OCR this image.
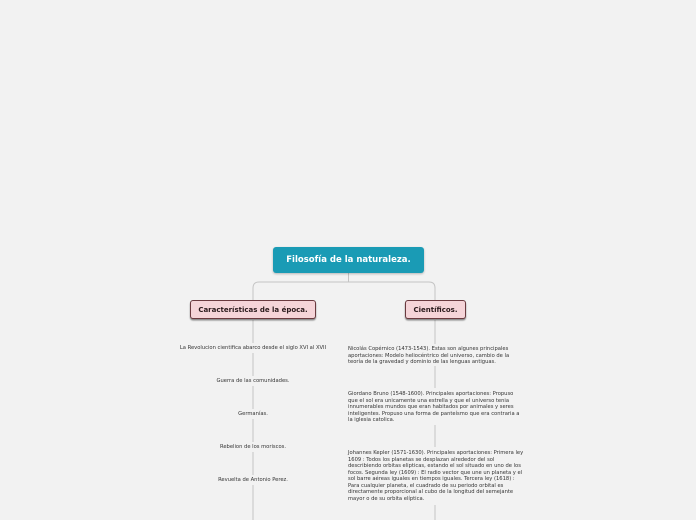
Filosofía de la naturaleza.
Características de la época.	Científicos.
La Revolucion cientifica abarco desde el siglo XVI al XVII
Guerra de las comunidades.
Germanías.
Rebelion de los moriscos.
Revuelta de Antonio Perez.
Nicolás Copérnico (1473-1543). Estas son algunes principales aportaciones: Modelo heliocéntrico del universo, cambio de la teoría de la gravedad y dominio de las lenguas antiguas.
Giordano Bruno (1548-1600). Principales aportaciones: Propuso que el sol era unicamente una estrella y que el universo tenia innumerables mundos que eran habitados por animales y seres inteligentes. Propuso una forma de panteísmo que era contraria a la iglesia catolica.
Johannes Kepler (1571-1630). Principales aportaciones: Primera ley 1609 : Todos los planetas se desplazan alrededor del sol describiendo orbitas elipticas, estando el sol situado en uno de los focos. Segunda ley (1609) : El radio vector que une un planeta y el sol barre aéreas iguales en tiempos iguales. Tercera ley (1618) : Para cualquier planeta, el cuadrado de su periodo orbital es directamente proporcional al cubo de la longitud del semejante mayor o de su orbita elíptica.
